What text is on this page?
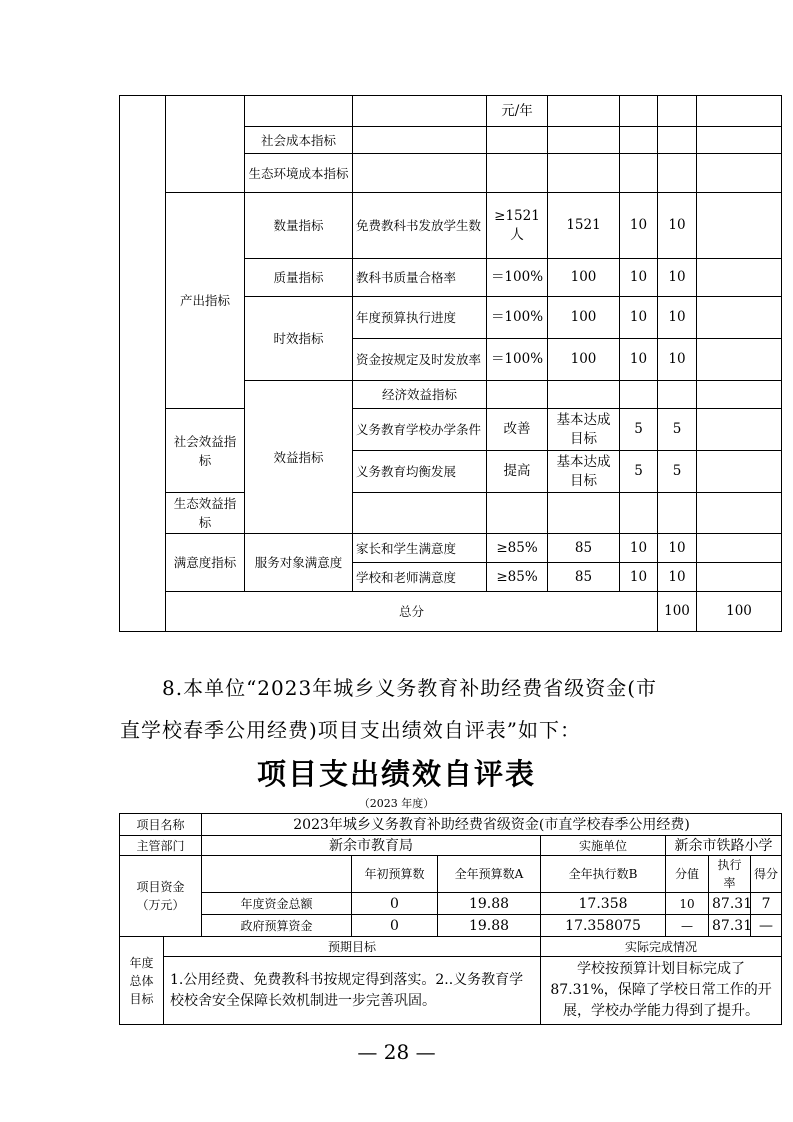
				元/年					
		社会成本指标							
		生态环境成本指标							
	产出指标	数量指标	免费教科书发放学生数	≥1521人	1521	10	10		
		质量指标	教科书质量合格率	＝100%	100	10	10		
		时效指标	年度预算执行进度	＝100%	100	10	10		
			资金按规定及时发放率	＝100%	100	10	10		
		效益指标	经济效益指标						
	社会效益指标		义务教育学校办学条件	改善	基本达成目标	5	5		
			义务教育均衡发展	提高	基本达成目标	5	5		
	生态效益指标								
	满意度指标	服务对象满意度	家长和学生满意度	≥85%	85	10	10		
			学校和老师满意度	≥85%	85	10	10		
	总分						100	100	

8.本单位“2023年城乡义务教育补助经费省级资金(市

直学校春季公用经费)项目支出绩效自评表”如下：

项目支出绩效自评表
（2023 年度）
项目名称		2023年城乡义务教育补助经费省级资金(市直学校春季公用经费)						
主管部门		新余市教育局			实施单位	新余市铁路小学		

项目资金
（万元）			年初预算数	全年预算数A	全年执行数B	分值	执行率	得分
		年度资金总额	0	19.88	17.358	10	87.31	7
		政府预算资金	0	19.88	17.358075	—	87.31	—

年度
总体
目标	预期目标				实际完成情况			
	1.公用经费、免费教科书按规定得到落实。2..义务教育学校校舍安全保障长效机制进一步完善巩固。				学校按预算计划目标完成了87.31%，保障了学校日常工作的开展，学校办学能力得到了提升。			
— 28 —
